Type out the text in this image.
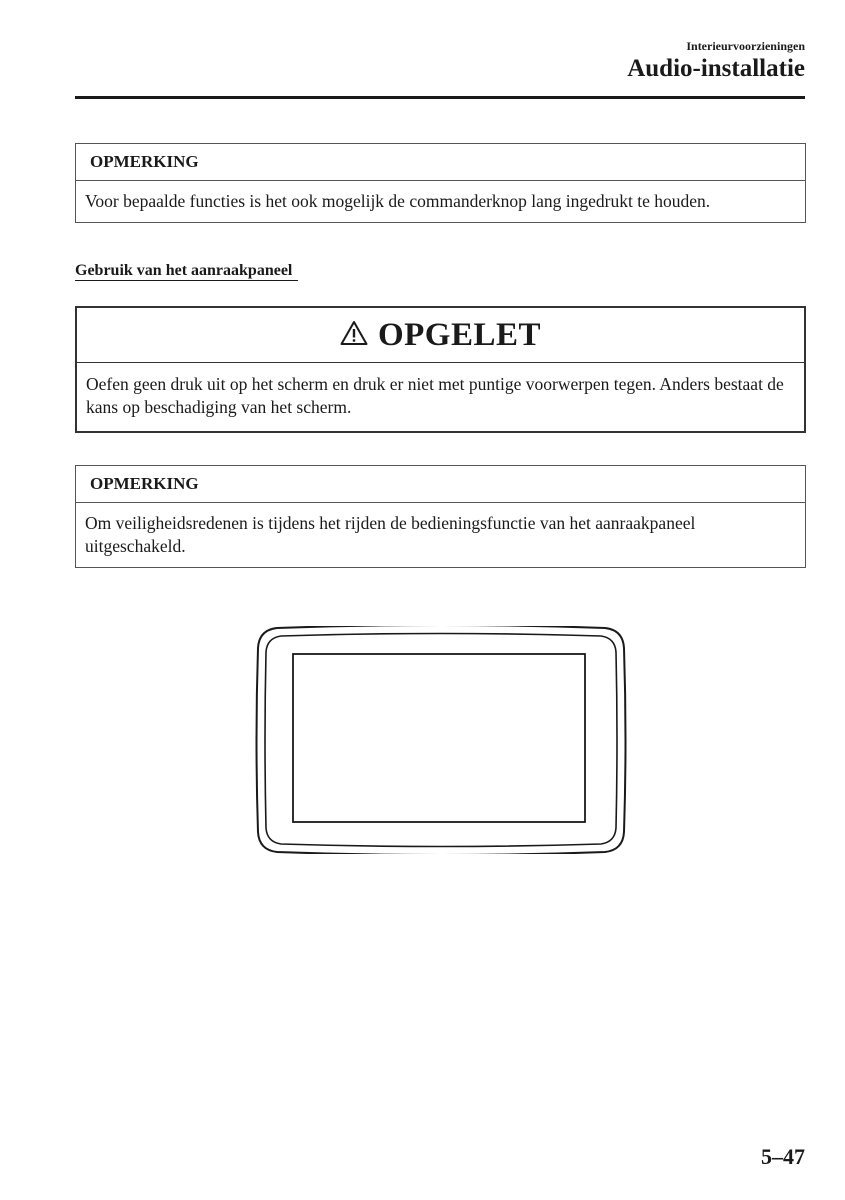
Interieurvoorzieningen
Audio-installatie
OPMERKING
Voor bepaalde functies is het ook mogelijk de commanderknop lang ingedrukt te houden.
Gebruik van het aanraakpaneel
OPGELET
Oefen geen druk uit op het scherm en druk er niet met puntige voorwerpen tegen. Anders bestaat de kans op beschadiging van het scherm.
OPMERKING
Om veiligheidsredenen is tijdens het rijden de bedieningsfunctie van het aanraakpaneel uitgeschakeld.
5–47
